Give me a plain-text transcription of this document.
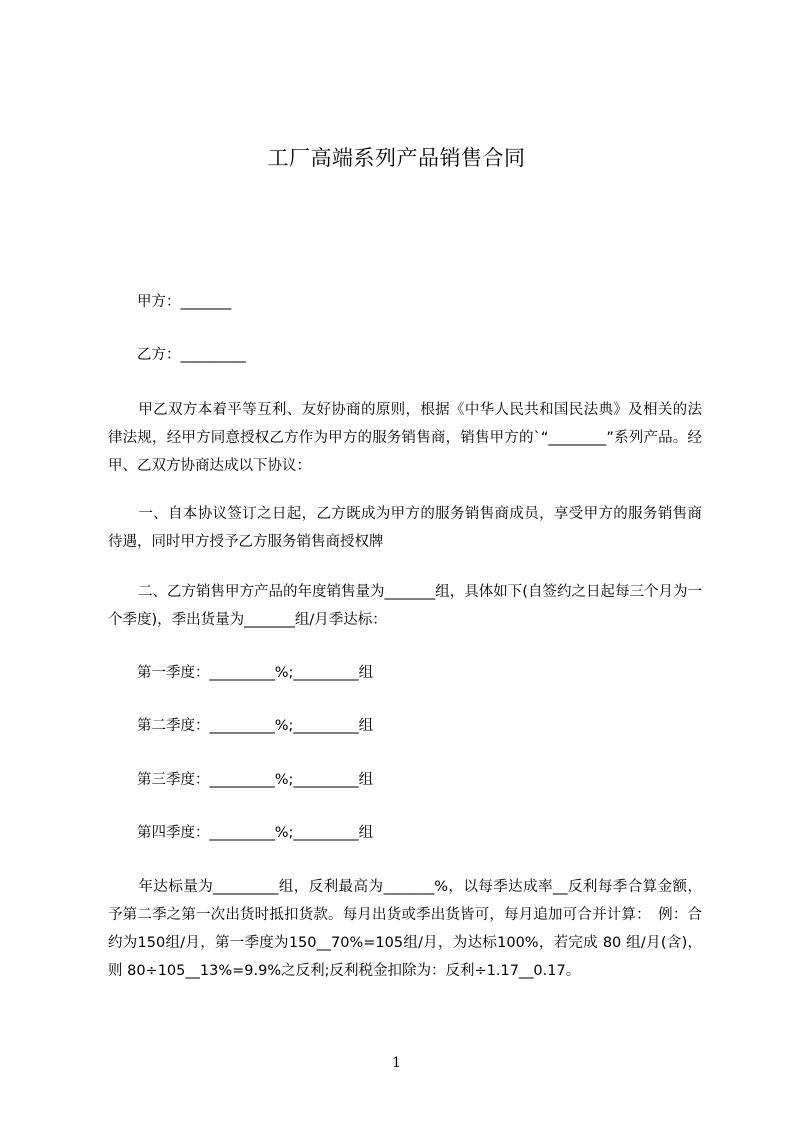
工厂高端系列产品销售合同
甲方：_______
乙方：_________
甲乙双方本着平等互利、友好协商的原则，根据《中华人民共和国民法典》及相关的法律法规，经甲方同意授权乙方作为甲方的服务销售商，销售甲方的`“________”系列产品。经甲、乙双方协商达成以下协议：
一、自本协议签订之日起，乙方既成为甲方的服务销售商成员，享受甲方的服务销售商待遇，同时甲方授予乙方服务销售商授权牌
二、乙方销售甲方产品的年度销售量为_______组，具体如下(自签约之日起每三个月为一个季度)，季出货量为_______组/月季达标：
第一季度：_________%;_________组
第二季度：_________%;_________组
第三季度：_________%;_________组
第四季度：_________%;_________组
年达标量为_________组，反利最高为_______%，以每季达成率__反利每季合算金额，予第二季之第一次出货时抵扣货款。每月出货或季出货皆可，每月追加可合并计算：　例：合约为150组/月，第一季度为150__70%=105组/月，为达标100%，若完成 80 组/月(含)，则 80÷105__13%=9.9%之反利;反利税金扣除为：反利÷1.17__0.17。
1
